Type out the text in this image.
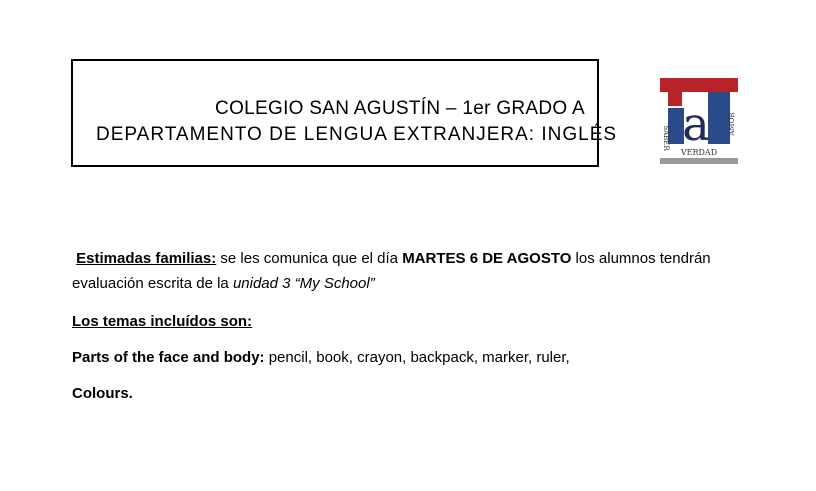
COLEGIO SAN AGUSTÍN – 1er GRADO A
DEPARTAMENTO DE LENGUA EXTRANJERA: INGLÉS a
SABER
AMOR
VERDAD

Estimadas familias: se les comunica que el día MARTES 6 DE AGOSTO los alumnos tendrán evaluación escrita de la unidad 3 “My School”

Los temas incluídos son:

Parts of the face and body: pencil, book, crayon, backpack, marker, ruler,

Colours.
